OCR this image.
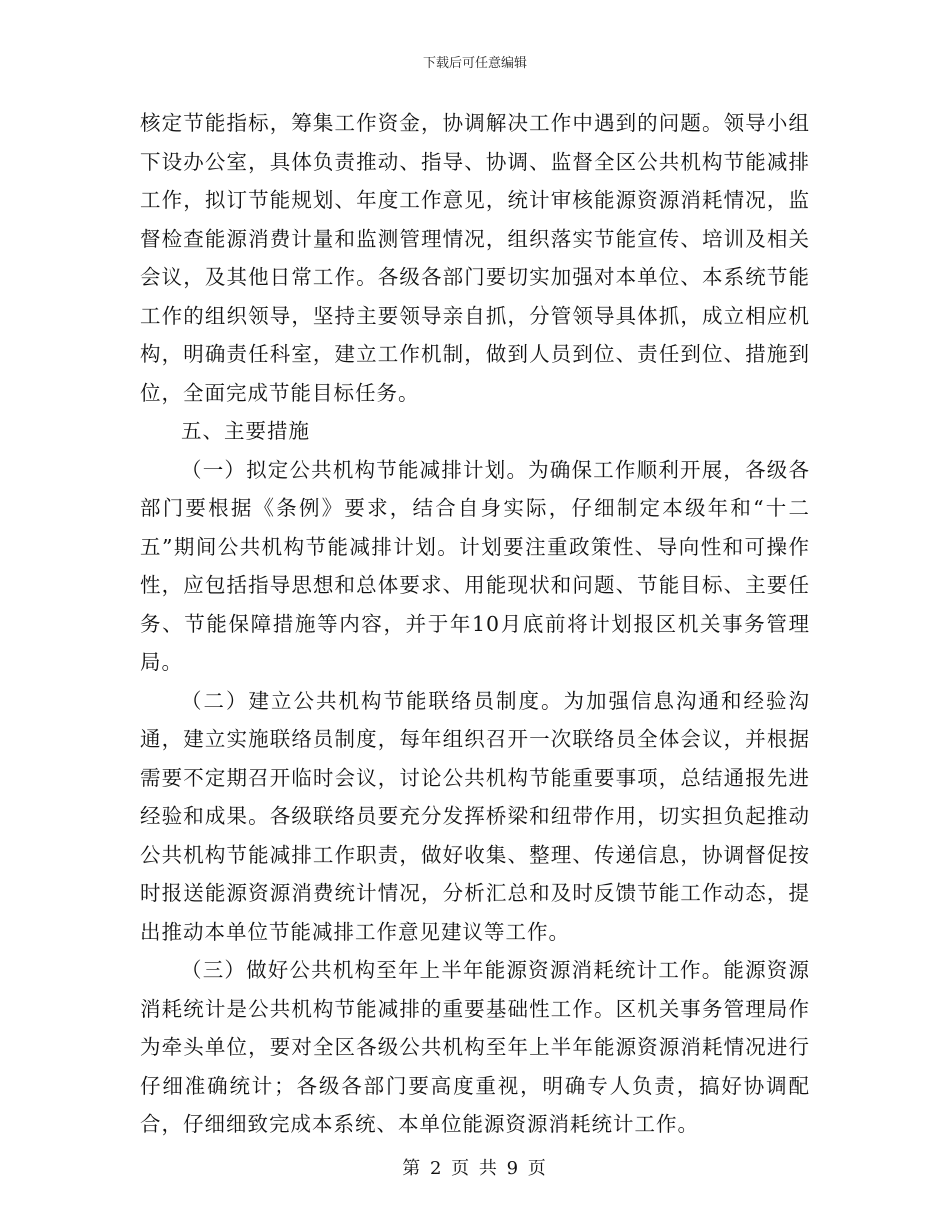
下载后可任意编辑

核定节能指标，筹集工作资金，协调解决工作中遇到的问题。领导小组下设办公室，具体负责推动、指导、协调、监督全区公共机构节能减排工作，拟订节能规划、年度工作意见，统计审核能源资源消耗情况，监督检查能源消费计量和监测管理情况，组织落实节能宣传、培训及相关会议，及其他日常工作。各级各部门要切实加强对本单位、本系统节能工作的组织领导，坚持主要领导亲自抓，分管领导具体抓，成立相应机构，明确责任科室，建立工作机制，做到人员到位、责任到位、措施到位，全面完成节能目标任务。

五、主要措施

（一）拟定公共机构节能减排计划。为确保工作顺利开展，各级各部门要根据《条例》要求，结合自身实际，仔细制定本级年和“十二五”期间公共机构节能减排计划。计划要注重政策性、导向性和可操作性，应包括指导思想和总体要求、用能现状和问题、节能目标、主要任务、节能保障措施等内容，并于年10月底前将计划报区机关事务管理局。

（二）建立公共机构节能联络员制度。为加强信息沟通和经验沟通，建立实施联络员制度，每年组织召开一次联络员全体会议，并根据需要不定期召开临时会议，讨论公共机构节能重要事项，总结通报先进经验和成果。各级联络员要充分发挥桥梁和纽带作用，切实担负起推动公共机构节能减排工作职责，做好收集、整理、传递信息，协调督促按时报送能源资源消费统计情况，分析汇总和及时反馈节能工作动态，提出推动本单位节能减排工作意见建议等工作。

（三）做好公共机构至年上半年能源资源消耗统计工作。能源资源消耗统计是公共机构节能减排的重要基础性工作。区机关事务管理局作为牵头单位，要对全区各级公共机构至年上半年能源资源消耗情况进行仔细准确统计；各级各部门要高度重视，明确专人负责，搞好协调配合，仔细细致完成本系统、本单位能源资源消耗统计工作。

第 2 页 共 9 页
